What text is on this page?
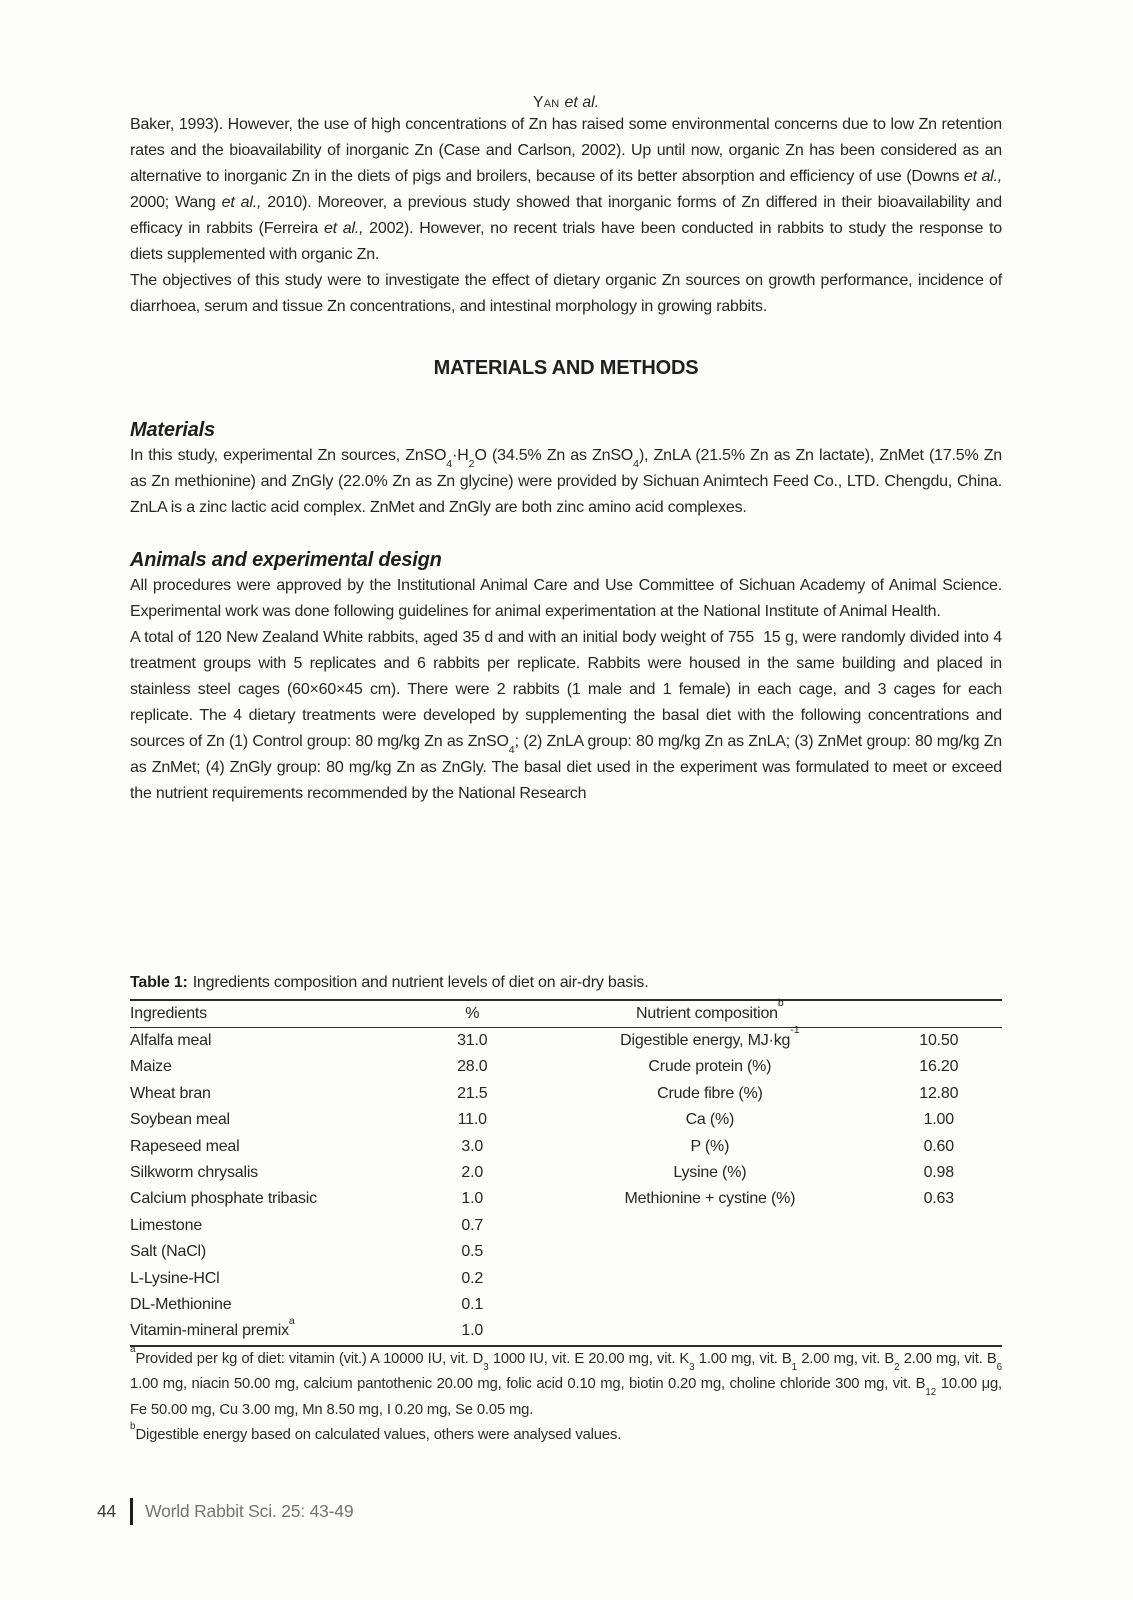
Yan et al.

Baker, 1993). However, the use of high concentrations of Zn has raised some environmental concerns due to low Zn retention rates and the bioavailability of inorganic Zn (Case and Carlson, 2002). Up until now, organic Zn has been considered as an alternative to inorganic Zn in the diets of pigs and broilers, because of its better absorption and efficiency of use (Downs et al., 2000; Wang et al., 2010). Moreover, a previous study showed that inorganic forms of Zn differed in their bioavailability and efficacy in rabbits (Ferreira et al., 2002). However, no recent trials have been conducted in rabbits to study the response to diets supplemented with organic Zn.

The objectives of this study were to investigate the effect of dietary organic Zn sources on growth performance, incidence of diarrhoea, serum and tissue Zn concentrations, and intestinal morphology in growing rabbits.

MATERIALS AND METHODS
Materials

In this study, experimental Zn sources, $ZnSO_4\cdot H_2O$ (34.5% Zn as ZnSO$_4$), ZnLA (21.5% Zn as Zn lactate), ZnMet (17.5% Zn as Zn methionine) and ZnGly (22.0% Zn as Zn glycine) were provided by Sichuan Animtech Feed Co., LTD. Chengdu, China. ZnLA is a zinc lactic acid complex. ZnMet and ZnGly are both zinc amino acid complexes.

Animals and experimental design

All procedures were approved by the Institutional Animal Care and Use Committee of Sichuan Academy of Animal Science. Experimental work was done following guidelines for animal experimentation at the National Institute of Animal Health.

A total of 120 New Zealand White rabbits, aged 35 d and with an initial body weight of 755  15 g, were randomly divided into 4 treatment groups with 5 replicates and 6 rabbits per replicate. Rabbits were housed in the same building and placed in stainless steel cages (60×60×45 cm). There were 2 rabbits (1 male and 1 female) in each cage, and 3 cages for each replicate. The 4 dietary treatments were developed by supplementing the basal diet with the following concentrations and sources of Zn (1) Control group: 80 mg/kg Zn as ZnSO$_4$; (2) ZnLA group: 80 mg/kg Zn as ZnLA; (3) ZnMet group: 80 mg/kg Zn as ZnMet; (4) ZnGly group: 80 mg/kg Zn as ZnGly. The basal diet used in the experiment was formulated to meet or exceed the nutrient requirements recommended by the National Research

Table 1: Ingredients composition and nutrient levels of diet on air-dry basis.

Ingredients	%	Nutrient composition$^b$	
Alfalfa meal	31.0	Digestible energy, $MJ\cdot kg^{-1}$	10.50
Maize	28.0	Crude protein (%)	16.20
Wheat bran	21.5	Crude fibre (%)	12.80
Soybean meal	11.0	Ca (%)	1.00
Rapeseed meal	3.0	P (%)	0.60
Silkworm chrysalis	2.0	Lysine (%)	0.98
Calcium phosphate tribasic	1.0	Methionine + cystine (%)	0.63
Limestone	0.7		
Salt (NaCl)	0.5		
L-Lysine-HCl	0.2		
DL-Methionine	0.1		
Vitamin-mineral premix$^a$	1.0		

$^a$Provided per kg of diet: vitamin (vit.) A 10000 IU, vit. $D_3$ 1000 IU, vit. E 20.00 mg, vit. $K_3$ 1.00 mg, vit. $B_1$ 2.00 mg, vit. $B_2$ 2.00 mg, vit. $B_6$ 1.00 mg, niacin 50.00 mg, calcium pantothenic 20.00 mg, folic acid 0.10 mg, biotin 0.20 mg, choline chloride 300 mg, vit. $B_{12}$ 10.00 μg, Fe 50.00 mg, Cu 3.00 mg, Mn 8.50 mg, I 0.20 mg, Se 0.05 mg.

$^b$Digestible energy based on calculated values, others were analysed values.

44 World Rabbit Sci. 25: 43-49
